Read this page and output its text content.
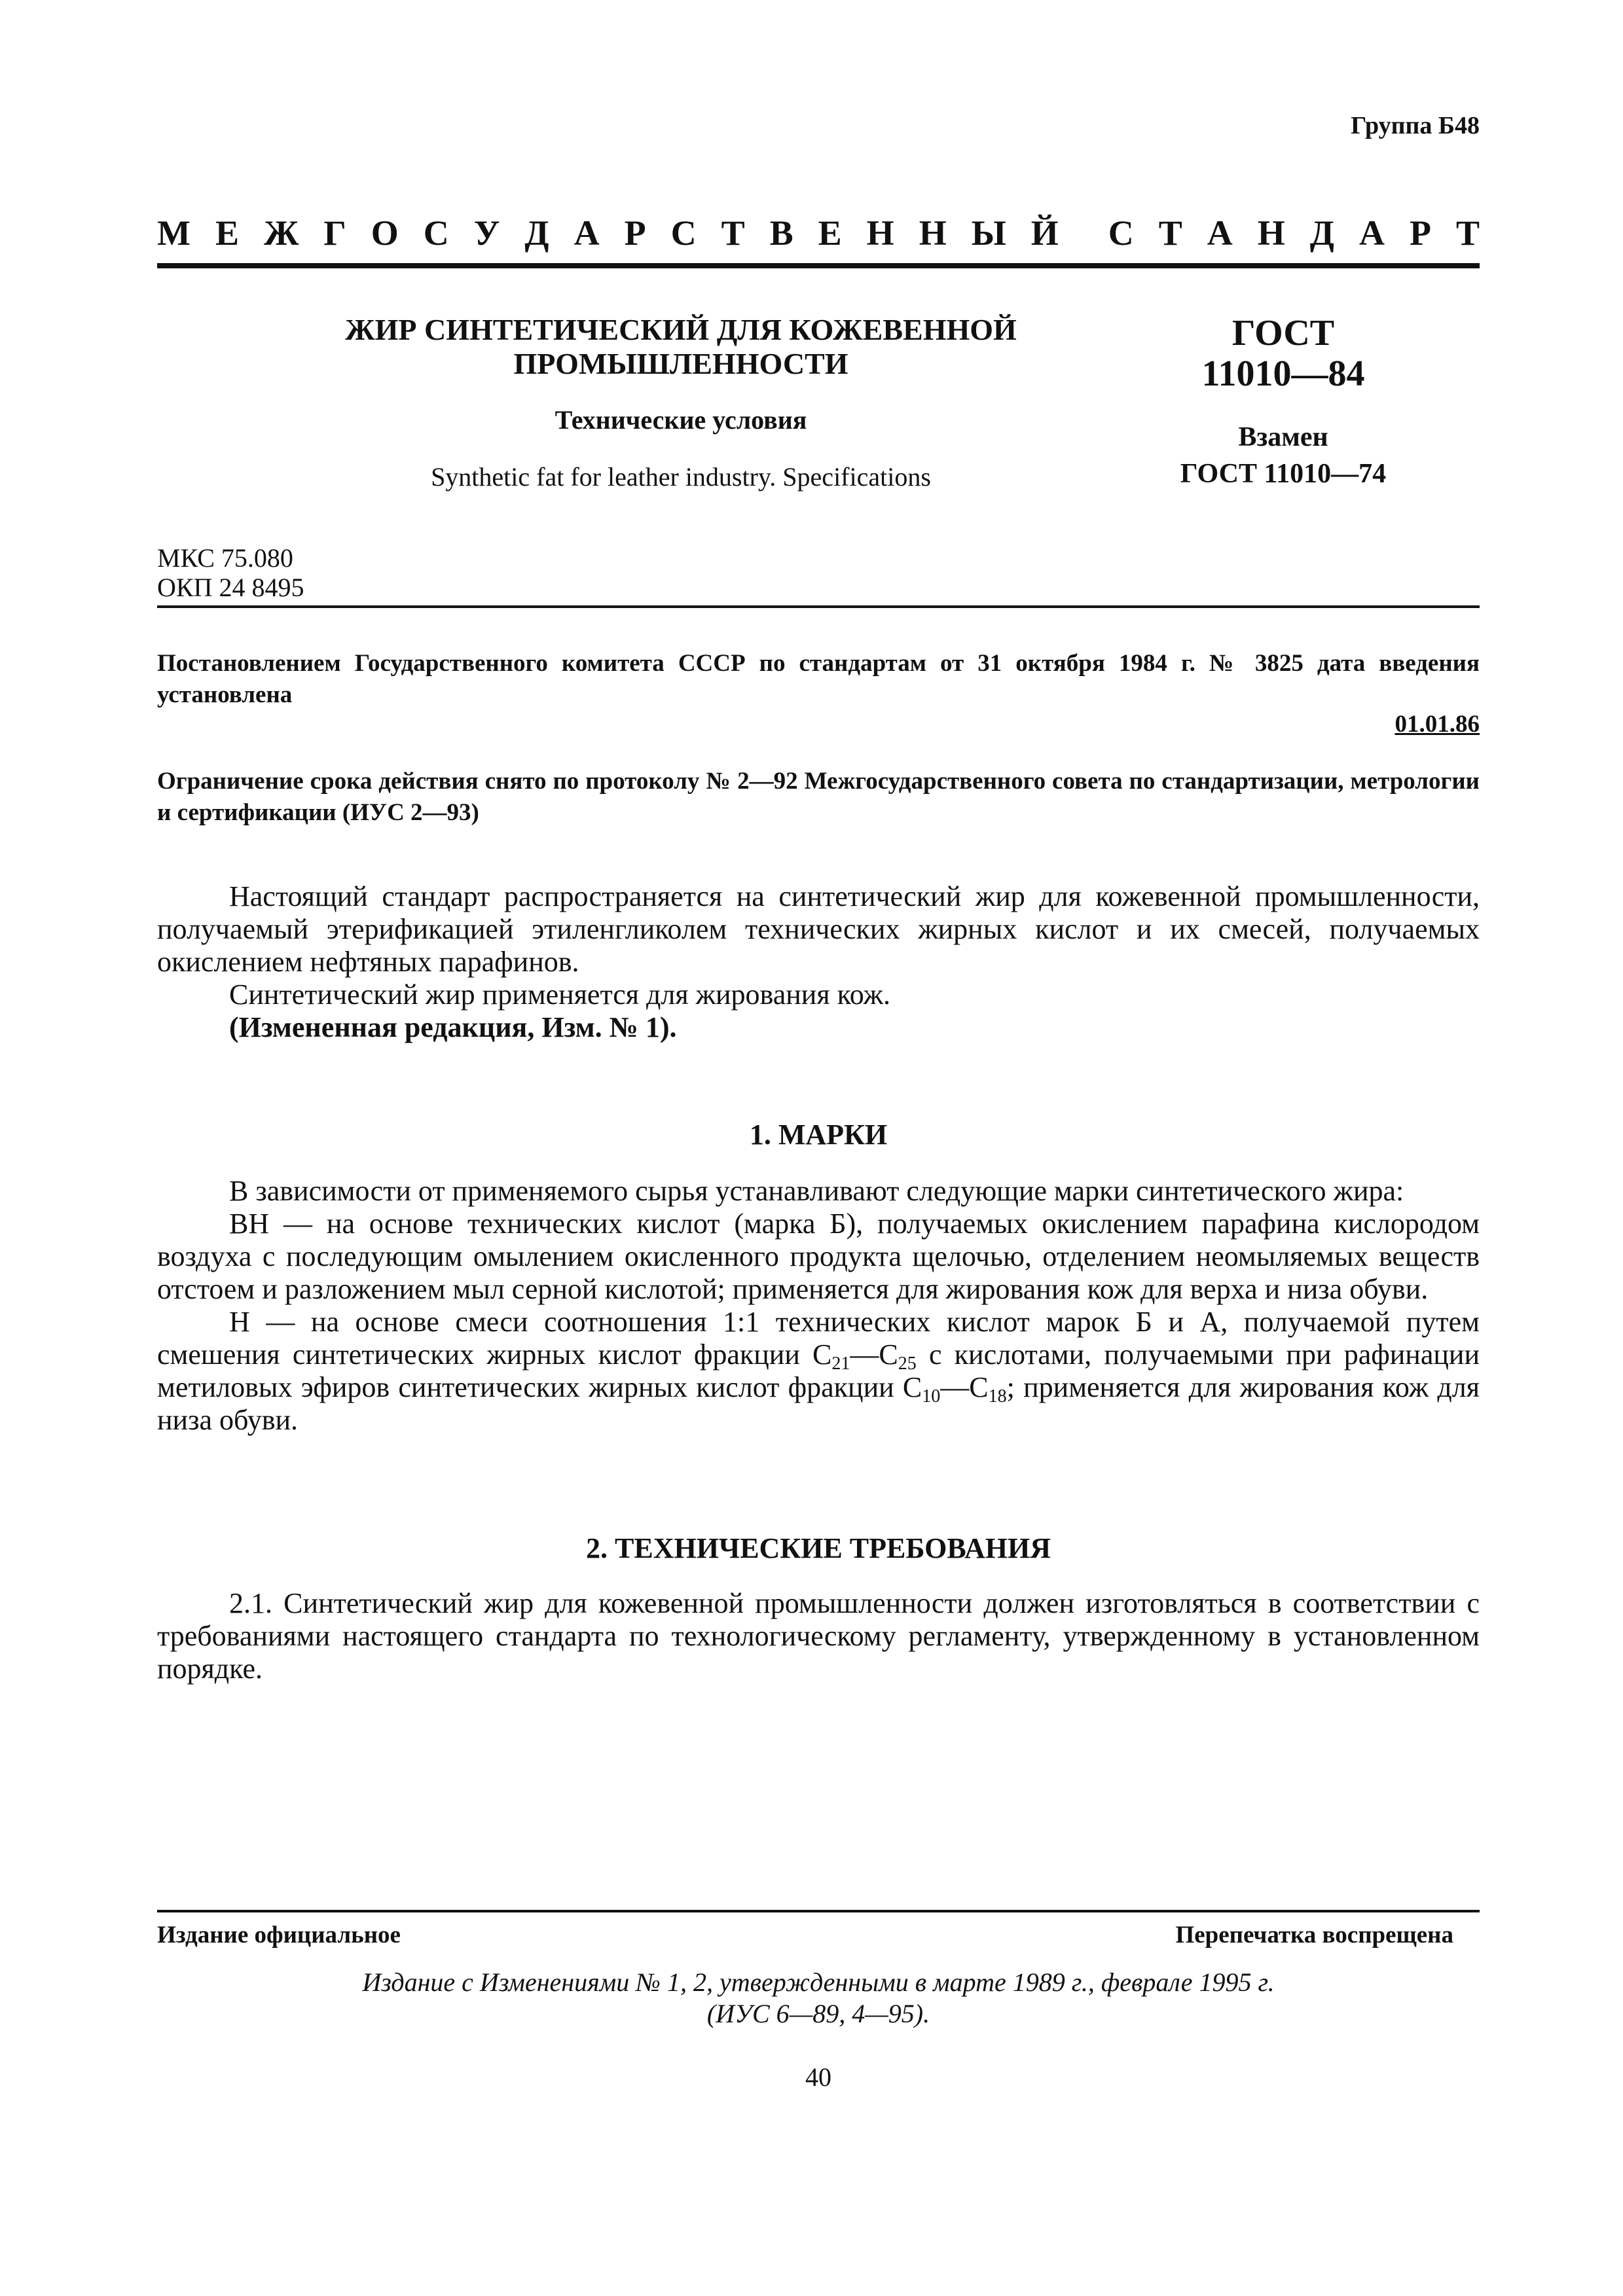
Группа Б48
М Е Ж Г О С У Д А Р С Т В Е Н Н Ы Й С Т А Н Д А Р Т
ЖИР СИНТЕТИЧЕСКИЙ ДЛЯ КОЖЕВЕННОЙ
ПРОМЫШЛЕННОСТИ
Технические условия
Synthetic fat for leather industry. Specifications
ГОСТ
11010—84
Взамен
ГОСТ 11010—74
МКС 75.080
ОКП 24 8495
Постановлением Государственного комитета СССР по стандартам от 31 октября 1984 г. № 3825 дата введения установлена
01.01.86
Ограничение срока действия снято по протоколу № 2—92 Межгосударственного совета по стандартизации, метрологии и сертификации (ИУС 2—93)
Настоящий стандарт распространяется на синтетический жир для кожевенной промышленности, получаемый этерификацией этиленгликолем технических жирных кислот и их смесей, получаемых окислением нефтяных парафинов.
Синтетический жир применяется для жирования кож.
(Измененная редакция, Изм. № 1).
1. МАРКИ
В зависимости от применяемого сырья устанавливают следующие марки синтетического жира:
ВН — на основе технических кислот (марка Б), получаемых окислением парафина кислородом воздуха с последующим омылением окисленного продукта щелочью, отделением неомыляемых веществ отстоем и разложением мыл серной кислотой; применяется для жирования кож для верха и низа обуви.
Н — на основе смеси соотношения 1:1 технических кислот марок Б и А, получаемой путем смешения синтетических жирных кислот фракции $С_{21}—С_{25}$ с кислотами, получаемыми при рафинации метиловых эфиров синтетических жирных кислот фракции $С_{10}—С_{18}$; применяется для жирования кож для низа обуви.
2. ТЕХНИЧЕСКИЕ ТРЕБОВАНИЯ
2.1. Синтетический жир для кожевенной промышленности должен изготовляться в соответствии с требованиями настоящего стандарта по технологическому регламенту, утвержденному в установленном порядке.
Издание официальное	Перепечатка воспрещена
Издание с Изменениями № 1, 2, утвержденными в марте 1989 г., феврале 1995 г.
(ИУС 6—89, 4—95).
40
